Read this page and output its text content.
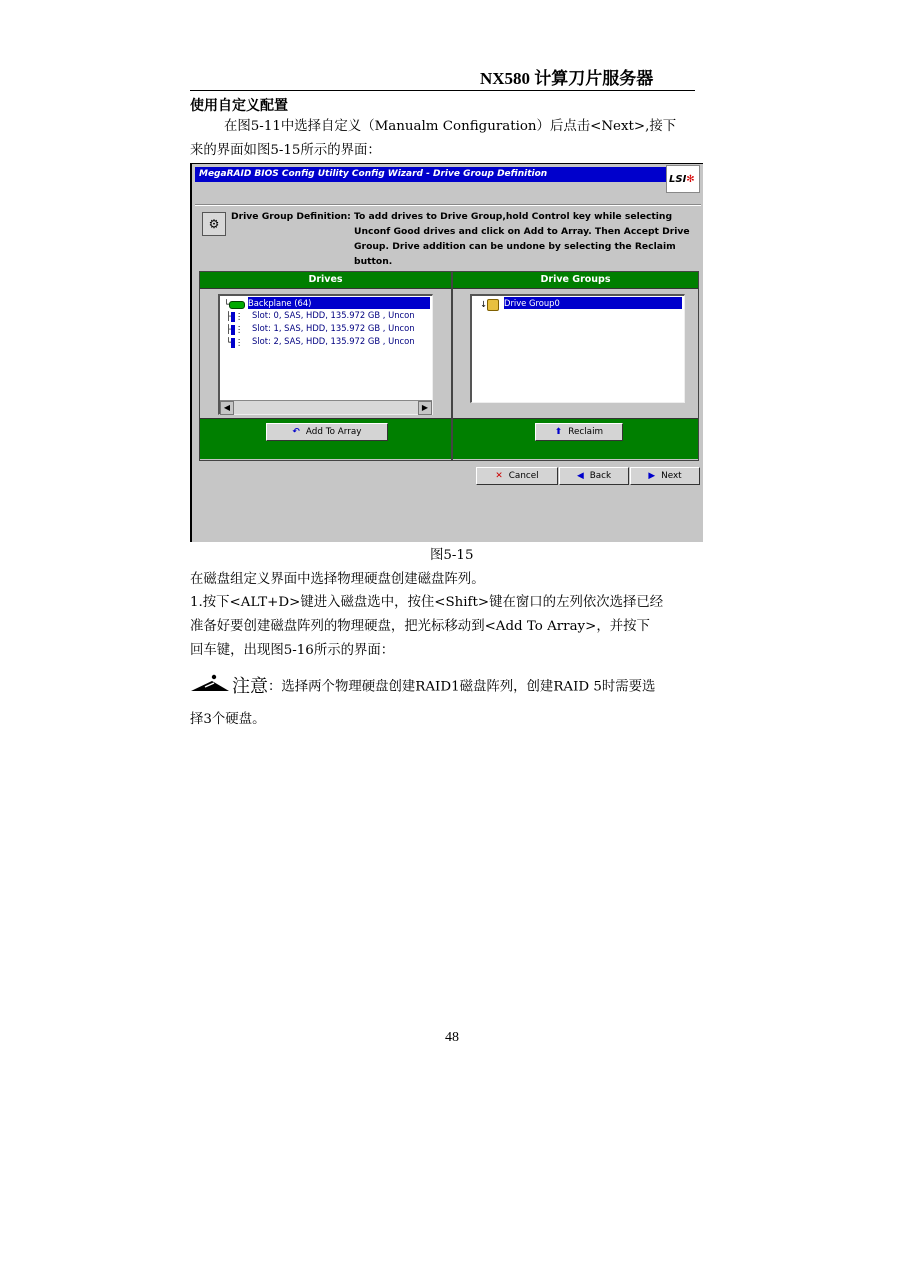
NX580 计算刀片服务器
使用自定义配置
在图5-11中选择自定义（Manualm Configuration）后点击<Next>,接下
来的界面如图5-15所示的界面：
MegaRAID BIOS Config Utility Config Wizard - Drive Group Definition	LSI✻
⚙
Drive Group Definition: To add drives to Drive Group,hold Control key while selecting Unconf Good drives and click on Add to Array. Then Accept Drive Group. Drive addition can be undone by selecting the Reclaim button.
Drives
└	Backplane (64)
├ ⋮ Slot: 0, SAS, HDD, 135.972 GB , Uncon
├ ⋮ Slot: 1, SAS, HDD, 135.972 GB , Uncon
└ ⋮ Slot: 2, SAS, HDD, 135.972 GB , Uncon
◀	▶
↶ Add To Array
Drive Groups
↓	Drive Group0
⬆ Reclaim
✕ Cancel	◀ Back	▶ Next
图5-15
在磁盘组定义界面中选择物理硬盘创建磁盘阵列。
1.按下<ALT+D>键进入磁盘选中，按住<Shift>键在窗口的左列依次选择已经
准备好要创建磁盘阵列的物理硬盘，把光标移动到<Add To Array>，并按下
回车键，出现图5-16所示的界面：
注意：选择两个物理硬盘创建RAID1磁盘阵列，创建RAID 5时需要选
择3个硬盘。
48
